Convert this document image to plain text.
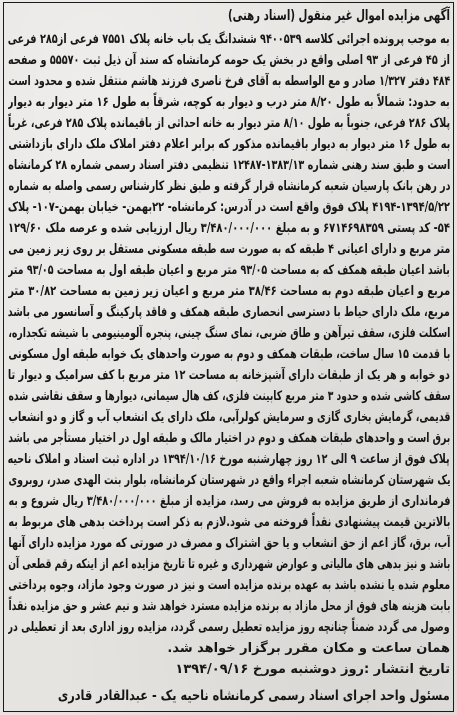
آگهی مزایده اموال غیر منقول (اسناد رهنی)
به موجب پرونده اجرائی کلاسه ۹۴۰۰۵۳۹ ششدانگ یک باب خانه پلاک ۷۵۵۱ فرعی از۲۸۵ فرعی
از ۴۵ فرعی از ۹۳ اصلی واقع در بخش یک حومه کرمانشاه که سند آن ذیل ثبت ۵۵۵۷۰ و صفحه
۴۸۴ دفتر ۱/۳۲۷ صادر و مع الواسطه به آقای فرخ ناصری فرزند هاشم منتقل شده و محدود است
به حدود: شمالاً به طول ۸/۲۰ متر درب و دیوار به کوچه، شرقاً به طول ۱۶ متر دیوار به دیوار
پلاک ۲۸۶ فرعی، جنوباً به طول ۸/۱۰ متر دیوار به خانه احداثی از باقیمانده پلاک ۲۸۵ فرعی، غرباً
به طول ۱۶ متر دیوار به دیوار باقیمانده مذکور که برابر اعلام دفتر املاک ملک دارای بازداشتی
است و طبق سند رهنی شماره ۱۳۸۳/۱۳-۱۲۴۸۷ تنظیمی دفتر اسناد رسمی شماره ۲۸ کرمانشاه
در رهن بانک پارسیان شعبه کرمانشاه قرار گرفته و طبق نظر کارشناس رسمی واصله به شماره
۴۱۹۴-۱۳۹۴/۵/۲۲ پلاک فوق واقع است در آدرس: کرمانشاه- ۲۲بهمن- خیابان بهمن-۱۰۷- پلاک
۵۴- کد پستی ۶۷۱۴۶۹۸۳۵۹ و به مبلغ ۳/۴۸۰/۰۰۰/۰۰۰ ریال ارزیابی شده و عرصه ملک ۱۲۹/۶۰
متر مربع و دارای اعیانی ۴ طبقه که به صورت سه طبقه مسکونی مستقل بر روی زیر زمین می
باشد اعیان طبقه همکف که به مساحت ۹۳/۰۵ متر مربع و اعیان طبقه اول به مساحت ۹۳/۰۵ متر
مربع و اعیان طبقه دوم به مساحت ۳۸/۴۶ متر مربع و اعیان زیر زمین به مساحت ۳۰/۸۲ متر
مربع، ملک دارای حیاط با دسترسی انحصاری طبقه همکف و فاقد پارکینگ و آسانسور می باشد
اسکلت فلزی، سقف تیرآهن و طاق ضربی، نمای سنگ چینی، پنجره آلومینیومی با شیشه تکجداره،
با قدمت ۱۵ سال ساخت، طبقات همکف و دوم به صورت واحدهای یک خوابه طبقه اول مسکونی
دو خوابه و هر یک از طبقات دارای آشپزخانه به مساحت ۱۲ متر مربع با کف سرامیک و دیوار تا
سقف کاشی شده و حدود ۳ متر مربع کابینت فلزی، کف هال سیمانی، دیوارها و سقف نقاشی شده
قدیمی، گرمایش بخاری گازی و سرمایش کولرآبی، ملک دارای یک انشعاب آب و گاز و دو انشعاب
برق است و واحدهای طبقات همکف و دوم در اختیار مالک و طبقه اول در اختیار مستأجر می باشد
پلاک فوق از ساعت ۹ الی ۱۲ روز چهارشنبه مورخ ۱۳۹۴/۱۰/۱۶ در اداره ثبت اسناد و املاک ناحیه
یک شهرستان کرمانشاه شعبه اجراء واقع در شهرستان کرمانشاه، بلوار بنت الهدی صدر، روبروی
فرمانداری از طریق مزایده به فروش می رسد، مزایده از مبلغ ۳/۴۸۰/۰۰۰/۰۰۰ ریال شروع و به
بالاترین قیمت پیشنهادی نقداً فروخته می شود.لازم به ذکر است پرداخت بدهی های مربوط به
آب، برق، گاز اعم از حق انشعاب و یا حق اشتراک و مصرف در صورتی که مورد مزایده دارای آنها
باشد و نیز بدهی های مالیاتی و عوارض شهرداری و غیره تا تاریخ مزایده اعم از اینکه رقم قطعی آن
معلوم شده یا نشده باشد به عهده برنده مزایده است و نیز در صورت وجود مازاد، وجوه پرداختی
بابت هزینه های فوق از محل مازاد به برنده مزایده مسترد خواهد شد و نیم عشر و حق مزایده نقداً
وصول می گردد ضمناً چنانچه روز مزایده تعطیل رسمی گردد، مزایده روز اداری بعد از تعطیلی در
همان ساعت و مکان مقرر برگزار خواهد شد.
تاریخ انتشار :روز دوشنبه مورخ ۱۳۹۴/۰۹/۱۶
مسئول واحد اجرای اسناد رسمی کرمانشاه ناحیه یک - عبدالقادر قادری
